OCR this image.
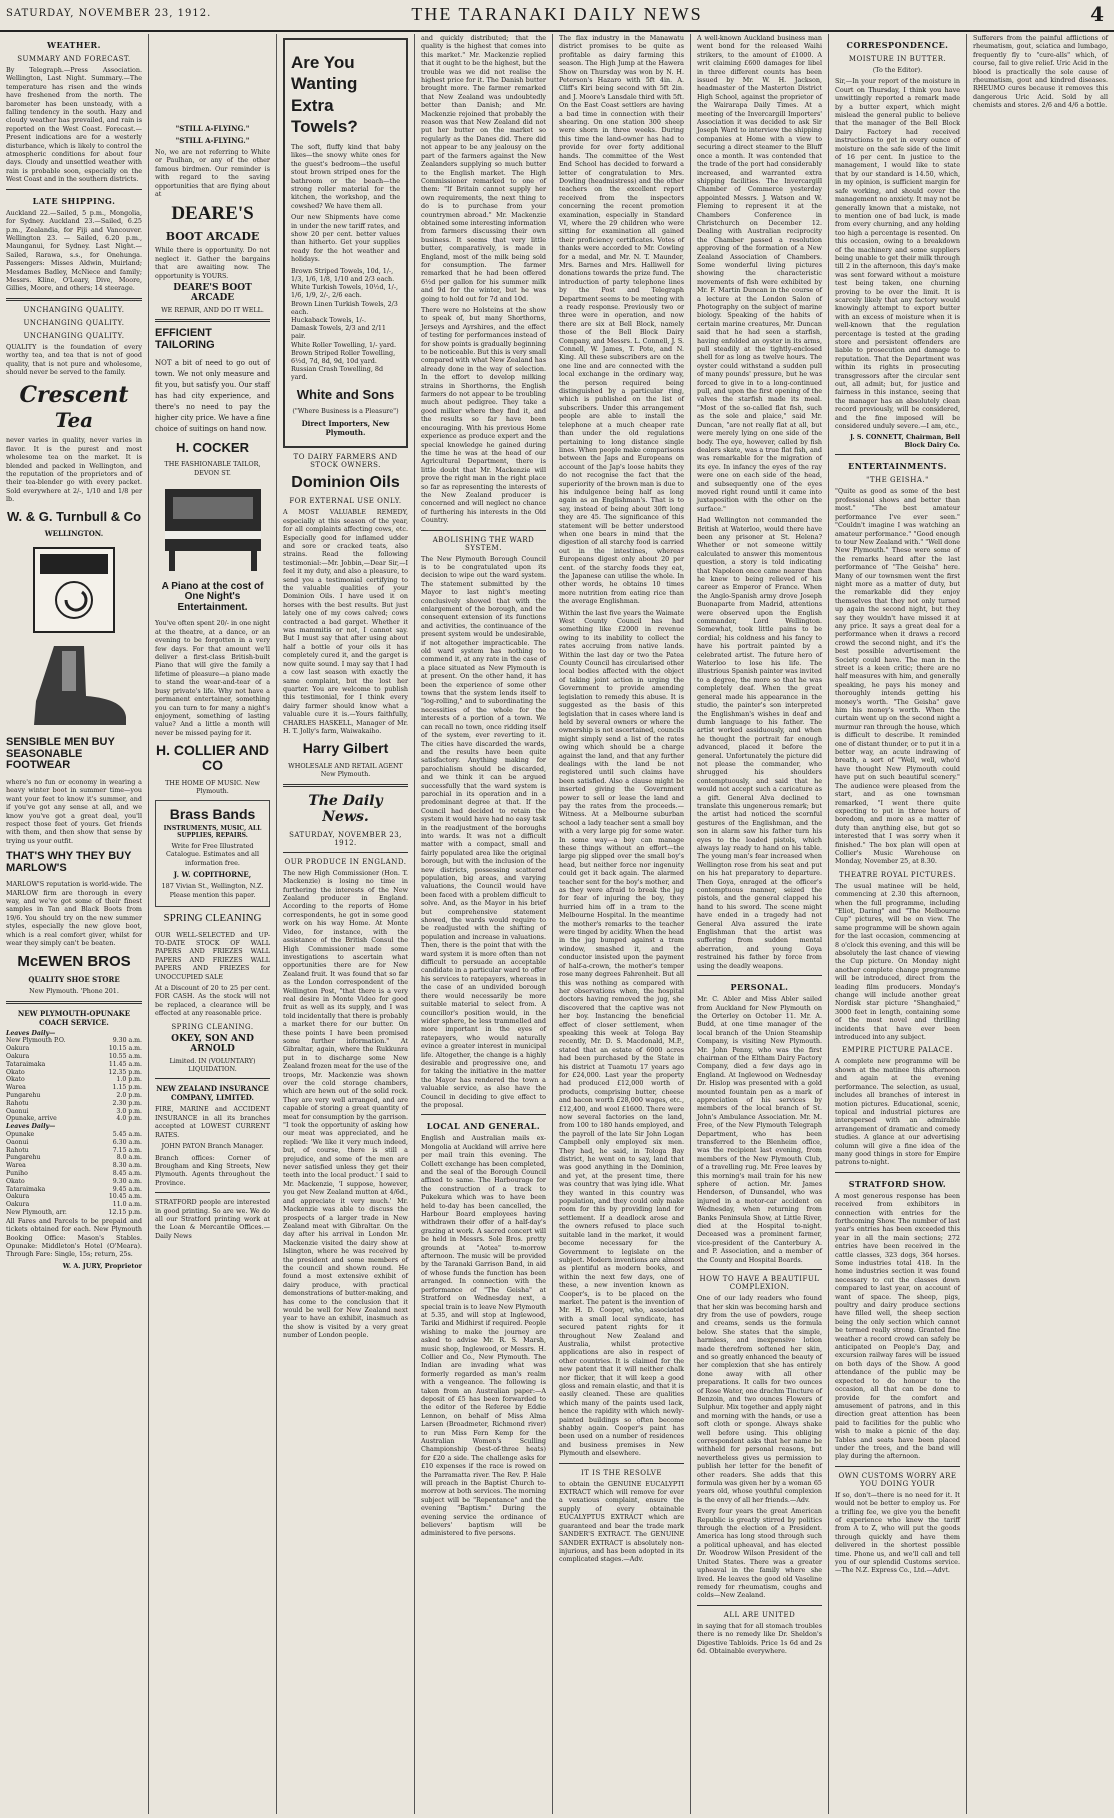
SATURDAY, NOVEMBER 23, 1912.	THE TARANAKI DAILY NEWS	4
WEATHER.
SUMMARY AND FORECAST.

By Telegraph.—Press Association. Wellington, Last Night. Summary.—The temperature has risen and the winds have freshened from the north. The barometer has been unsteady, with a falling tendency in the south. Hazy and cloudy weather has prevailed, and rain is reported on the West Coast. Forecast.—Present indications are for a westerly disturbance, which is likely to control the atmospheric conditions for about four days. Cloudy and unsettled weather with rain is probable soon, especially on the West Coast and in the southern districts.

LATE SHIPPING.

Auckland 22.—Sailed, 5 p.m., Mongolia, for Sydney. Auckland 23.—Sailed, 6.25 p.m., Zealandia, for Fiji and Vancouver. Wellington 23. — Sailed, 6.20 p.m., Maunganui, for Sydney. Last Night.—Sailed, Rarawa, s.s., for Onehunga. Passengers: Misses Aldwin, Muirland; Mesdames Badley, McNiece and family; Messrs. Kline, O'Leary, Dive, Moore, Gillies, Moore, and others; 14 steerage.

UNCHANGING QUALITY.
UNCHANGING QUALITY.
UNCHANGING QUALITY.

QUALITY is the foundation of every worthy tea, and tea that is not of good quality, that is not pure and wholesome, should never be served to the family.

Crescent
Tea

never varies in quality, never varies in flavor. It is the purest and most wholesome tea on the market. It is blended and packed in Wellington, and the reputation of the proprietors and of their tea-blender go with every packet. Sold everywhere at 2/-, 1/10 and 1/8 per lb.

W. & G. Turnbull & Co
WELLINGTON.
SENSIBLE MEN BUY SEASONABLE FOOTWEAR

where's no fun or economy in wearing a heavy winter boot in summer time—you want your feet to know it's summer, and if you've got any sense at all, and we know you've got a great deal, you'll respect those feet of yours. Get friends with them, and then show that sense by trying us your outfit.

THAT'S WHY THEY BUY MARLOW'S

MARLOW'S reputation is world-wide. The MARLOW firm are thorough in every way, and we've got some of their finest samples in Tan and Black Boots from 19/6. You should try on the new summer styles, especially the new glove boot, which is a real comfort giver, whilst for wear they simply can't be beaten.

McEWEN BROS
QUALITY SHOE STORE
New Plymouth. 'Phone 201.
NEW PLYMOUTH-OPUNAKE COACH SERVICE.
Leaves Daily—	
New Plymouth P.O.	9.30 a.m.
Oakura	10.15 a.m.
Oakura	10.55 a.m.
Tataraimaka	11.45 a.m.
Okato	12.35 p.m.
Okato	1.0 p.m.
Warea	1.15 p.m.
Pungarehu	2.0 p.m.
Rahotu	2.30 p.m.
Oaonui	3.0 p.m.
Opunake, arrive	4.0 p.m.
Leaves Daily—	
Opunake	5.45 a.m.
Oaonui	6.30 a.m.
Rahotu	7.15 a.m.
Pungarehu	8.0 a.m.
Warea	8.30 a.m.
Puniho	8.45 a.m.
Okato	9.30 a.m.
Tataraimaka	9.45 a.m.
Oakura	10.45 a.m.
Oakura	11.0 a.m.
New Plymouth, arr.	12.15 p.m.

All Fares and Parcels to be prepaid and tickets obtained for each. New Plymouth Booking Office: Mason's Stables. Opunake: Middleton's Hotel (O'Meara). Through Fare: Single, 15s; return, 25s.

W. A. JURY, Proprietor
"STILL A-FLYING."
"STILL A-FLYING."

No, we are not referring to White or Paulhan, or any of the other famous birdmen. Our reminder is with regard to the saving opportunities that are flying about at

DEARE'S
BOOT ARCADE

While there is opportunity. Do not neglect it. Gather the bargains that are awaiting now. The opportunity is YOURS.

DEARE'S BOOT ARCADE
WE REPAIR, AND DO IT WELL.
EFFICIENT TAILORING

NOT a bit of need to go out of town. We not only measure and fit you, but satisfy you. Our staff has had city experience, and there's no need to pay the higher city price. We have a fine choice of suitings on hand now.

H. COCKER
THE FASHIONABLE TAILOR, DEVON ST.
A Piano at the cost of One Night's Entertainment.

You've often spent 20/- in one night at the theatre, at a dance, or an evening to be forgotten in a very few days. For that amount we'll deliver a first-class British-built Piano that will give the family a lifetime of pleasure—a piano made to stand the wear-and-tear of a busy private's life. Why not have a permanent entertainer, something you can turn to for many a night's enjoyment, something of lasting value? And a little a month will never be missed paying for it.

H. COLLIER AND CO
THE HOME OF MUSIC. New Plymouth.
Brass Bands
INSTRUMENTS, MUSIC, ALL SUPPLIES, REPAIRS.
Write for Free Illustrated Catalogue. Estimates and all information free.
J. W. COPITHORNE,
187 Vivian St., Wellington, N.Z. Please mention this paper.
SPRING CLEANING

OUR WELL-SELECTED and UP-TO-DATE STOCK OF WALL PAPERS AND FRIEZES WALL PAPERS AND FRIEZES WALL PAPERS AND FRIEZES for UNOCCUPIED SALE

At a Discount of 20 to 25 per cent. FOR CASH. As the stock will not be replaced, a clearance will be effected at any reasonable price.

SPRING CLEANING.
OKEY, SON AND ARNOLD
Limited. IN (VOLUNTARY) LIQUIDATION.
NEW ZEALAND INSURANCE COMPANY, LIMITED.

FIRE, MARINE and ACCIDENT INSURANCE in all its branches accepted at LOWEST CURRENT RATES.

JOHN PATON Branch Manager.

Branch offices: Corner of Brougham and King Streets, New Plymouth. Agents throughout the Province.

STRATFORD people are interested in good printing. So are we. We do all our Stratford printing work at the Loan & Mercantile Offices.—Daily News

Are You Wanting Extra Towels?

The soft, fluffy kind that baby likes—the snowy white ones for the guest's bedroom—the useful stout brown striped ones for the bathroom or the beach—the strong roller material for the kitchen, the workshop, and the cowshed? We have them all.

Our new Shipments have come in under the new tariff rates, and show 20 per cent. better values than hitherto. Get your supplies ready for the hot weather and holidays.

Brown Striped Towels, 10d, 1/-, 1/3, 1/6, 1/8, 1/10 and 2/3 each.
White Turkish Towels, 10½d, 1/-, 1/6, 1/9, 2/-, 2/6 each.
Brown Linen Turkish Towels, 2/3 each.
Huckaback Towels, 1/-.
Damask Towels, 2/3 and 2/11 pair.
White Roller Towelling, 1/- yard.
Brown Striped Roller Towelling, 6½d, 7d, 8d, 9d, 10d yard.
Russian Crash Towelling, 8d yard.
White and Sons
("Where Business is a Pleasure")
Direct Importers, New Plymouth.
TO DAIRY FARMERS AND STOCK OWNERS.
Dominion Oils
FOR EXTERNAL USE ONLY.

A MOST VALUABLE REMEDY, especially at this season of the year, for all complaints affecting cows, etc. Especially good for inflamed udder and sore or cracked teats, also strains. Read the following testimonial:—Mr. Jobbin,—Dear Sir,—I feel it my duty, and also a pleasure, to send you a testimonial certifying to the valuable qualities of your Dominion Oils. I have used it on horses with the best results. But just lately one of my cows calved; cows contracted a bad garget. Whether it was mammitis or not, I cannot say. But I must say that after using about half a bottle of your oils it has completely cured it, and the garget is now quite sound. I may say that I had a cow last season with exactly the same complaint, but the lost her quarter. You are welcome to publish this testimonial, for I think every dairy farmer should know what a valuable cure it is.—Yours faithfully, CHARLES HASKELL, Manager of Mr. H. T. Jolly's farm, Waiwakaiho.

Harry Gilbert
WHOLESALE AND RETAIL AGENT New Plymouth.
The Daily News.
SATURDAY, NOVEMBER 23, 1912.
OUR PRODUCE IN ENGLAND.

The new High Commissioner (Hon. T. Mackenzie) is losing no time in furthering the interests of the New Zealand producer in England. According to the reports of Home correspondents, he got in some good work on his way Home. At Monte Video, for instance, with the assistance of the British Consul the High Commissioner made some investigations to ascertain what opportunities there are for New Zealand fruit. It was found that so far as the London correspondent of the Wellington Post, "that there is a very real desire in Monte Video for good fruit as well as its supply, and I was told incidentally that there is probably a market there for our butter. On these points I have been promised some further information." At Gibraltar, again, where the Rukkunra put in to discharge some New Zealand frozen meat for the use of the troops, Mr. Mackenzie was shown over the cold storage chambers, which are hewn out of the solid rock. They are very well arranged, and are capable of storing a great quantity of meat for consumption by the garrison. "I took the opportunity of asking how our meat was appreciated, and he replied: 'We like it very much indeed, but, of course, there is still a prejudice, and some of the men are never satisfied unless they get their teeth into the local product.' I said to Mr. Mackenzie, 'I suppose, however, you get New Zealand mutton at 4/6d., and appreciate it very much.' Mr. Mackenzie was able to discuss the prospects of a larger trade in New Zealand meat with Gibraltar. On the day after his arrival in London Mr. Mackenzie visited the dairy show at Islington, where he was received by the president and some members of the council and shown round. He found a most extensive exhibit of dairy produce, with practical demonstrations of butter-making, and has come to the conclusion that it would be well for New Zealand next year to have an exhibit, inasmuch as the show is visited by a very great number of London people.

and quickly distributed; that the quality is the highest that comes into this market." Mr. Mackenzie replied that it ought to be the highest, but the trouble was we did not realise the highest price for it. The Danish butter brought more. The farmer remarked that New Zealand was undoubtedly better than Danish; and Mr. Mackenzie rejoined that probably the reason was that New Zealand did not put her butter on the market so regularly as the Danes did. There did not appear to be any jealousy on the part of the farmers against the New Zealanders supplying so much butter to the English market. The High Commissioner remarked to one of them: "If Britain cannot supply her own requirements, the next thing to do is to purchase from your countrymen abroad." Mr. Mackenzie obtained some interesting information from farmers discussing their own business. It seems that very little butter, comparatively, is made in England, most of the milk being sold for consumption. The farmer remarked that he had been offered 6½d per gallon for his summer milk and 9d for the winter, but he was going to hold out for 7d and 10d.

There were no Holsteins at the show to speak of, but many Shorthorns, Jerseys and Ayrshires, and the effect of testing for performances instead of for show points is gradually beginning to be noticeable. But this is very small compared with what New Zealand has already done in the way of selection. In the effort to develop milking strains in Shorthorns, the English farmers do not appear to be troubling much about pedigree. They take a good milker where they find it, and the results so far have been encouraging. With his previous Home experience as produce expert and the special knowledge he gained during the time he was at the head of our Agricultural Department, there is little doubt that Mr. Mackenzie will prove the right man in the right place so far as representing the interests of the New Zealand producer is concerned and will neglect no chance of furthering his interests in the Old Country.

ABOLISHING THE WARD SYSTEM.

The New Plymouth Borough Council is to be congratulated upon its decision to wipe out the ward system. The statement submitted by the Mayor to last night's meeting conclusively showed that with the enlargement of the borough, and the consequent extension of its functions and activities, the continuance of the present system would be undesirable, if not altogether impracticable. The old ward system has nothing to commend it, at any rate in the case of a place situated as New Plymouth is at present. On the other hand, it has been the experience of some other towns that the system lends itself to "log-rolling," and to subordinating the necessities of the whole for the interests of a portion of a town. We can recall no town, once ridding itself of the system, ever reverting to it. The cities have discarded the wards, and the results have been quite satisfactory. Anything making for parochialism should be discarded, and we think it can be argued successfully that the ward system is parochial in its operation and in a predominant degree at that. If the Council had decided to retain the system it would have had no easy task in the readjustment of the boroughs into wards. It was not a difficult matter with a compact, small and fairly populated area like the original borough, but with the inclusion of the new districts, possessing scattered population, big areas, and varying valuations, the Council would have been faced with a problem difficult to solve. And, as the Mayor in his brief but comprehensive statement showed, the wards would require to be readjusted with the shifting of population and increase in valuations. Then, there is the point that with the ward system it is more often than not difficult to persuade an acceptable candidate in a particular ward to offer his services to ratepayers, whereas in the case of an undivided borough there would necessarily be more suitable material to select from. A councillor's position would, in the wider sphere, be less trammelled and more important in the eyes of ratepayers, who would naturally evince a greater interest in municipal life. Altogether, the change is a highly desirable and progressive one, and for taking the initiative in the matter the Mayor has rendered the town a valuable service, as also have the Council in deciding to give effect to the proposal.

LOCAL AND GENERAL.

English and Australian mails ex-Mongolia at Auckland will arrive here per mail train this evening. The Collett exchange has been completed, and the seal of the Borough Council affixed to same. The Harbourage for the construction of a track to Pukekura which was to have been held to-day has been cancelled, the Harbour Board employees having withdrawn their offer of a half-day's grazing at work. A sacred concert will be held in Messrs. Sole Bros. pretty grounds at "Aotea" to-morrow afternoon. The music will be provided by the Taranaki Garrison Band, in aid of whose funds the function has been arranged. In connection with the performance of "The Geisha" at Stratford on Wednesday next, a special train is to leave New Plymouth at 5.35, and will stop at Inglewood, Tariki and Midhirst if required. People wishing to make the journey are asked to advise Mr. R. S. Marsh, music shop, Inglewood, or Messrs. H. Collier and Co., New Plymouth. The Indian are invading what was formerly regarded as man's realm with a vengeance. The following is taken from an Australian paper:—A deposit of £5 has been forwarded to the editor of the Referee by Eddie Lennon, on behalf of Miss Alma Larsen (Broadmeter, Richmond river) to run Miss Fern Kemp for the Australian Women's Sculling Championship (best-of-three heats) for £20 a side. The challenge asks for £10 expenses if the race is rowed on the Parramatta river. The Rev. P. Hale will preach in the Baptist Church to-morrow at both services. The morning subject will be "Repentance" and the evening "Baptism." During the evening service the ordinance of believers' baptism will be administered to five persons.

The flax industry in the Manawatu district promises to be quite as profitable as dairy farming this season. The High Jump at the Hawera Show on Thursday was won by N. H. Peterson's Hazaro with 5ft 4in. A. Cliff's Kiri being second with 5ft 2in. and J. Moore's Lansdale third with 5ft. On the East Coast settlers are having a bad time in connection with their shearing. On one station 300 sheep were shorn in three weeks. During this time the land-owner has had to provide for over forty additional hands. The committee of the West End School has decided to forward a letter of congratulation to Mrs. Dowling (headmistress) and the other teachers on the excellent report received from the inspectors concerning the recent promotion examination, especially in Standard VI, where the 29 children who were sitting for examination all gained their proficiency certificates. Votes of thanks were accorded to Mr. Cowling for a medal, and Mr. N. T. Maunder, Mrs. Barnes and Mrs. Halliwell for donations towards the prize fund. The introduction of party telephone lines by the Post and Telegraph Department seems to be meeting with a ready response. Previously two or three were in operation, and now there are six at Bell Block, namely those of the Bell Block Dairy Company, and Messrs. L. Connell, J. S. Connell, W. James, T. Pote, and N. King. All these subscribers are on the one line and are connected with the local exchange in the ordinary way, the person required being distinguished by a particular ring, which is published on the list of subscribers. Under this arrangement people are able to install the telephone at a much cheaper rate than under the old regulations pertaining to long distance single lines. When people make comparisons between the Japs and Europeans on account of the Jap's loose habits they do not recognise the fact that the superiority of the brown man is due to his indulgence being half as long again as an Englishman's. That is to say, instead of being about 30ft long they are 45. The significance of this statement will be better understood when one bears in mind that the digestion of all starchy food is carried out in the intestines, whereas Europeans digest only about 20 per cent. of the starchy foods they eat, the Japanese can utilise the whole. In other words, he obtains 10 times more nutrition from eating rice than the average Englishman.

Within the last five years the Waimate West County Council has had something like £2000 in revenue owing to its inability to collect the rates accruing from native lands. Within the last day or two the Patea County Council has circularised other local bodies affected with the object of taking joint action in urging the Government to provide amending legislation to remedy this abuse. It is suggested as the basis of this legislation that in cases where land is held by several owners or where the ownership is not ascertained, councils might simply send a list of the rates owing which should be a charge against the land, and that any further dealings with the land be not registered until such claims have been satisfied. Also a clause might be inserted giving the Government power to sell or lease the land and pay the rates from the proceeds.—Witness. At a Melbourne suburban school a lady teacher sent a small boy with a very large pig for some water. In some way—a boy can manage these things without an effort—the large pig slipped over the small boy's head, but neither force nor ingenuity could get it back again. The alarmed teacher sent for the boy's mother, and as they were afraid to break the jug for fear of injuring the boy, they hurried him off in a tram to the Melbourne Hospital. In the meantime the mother's remarks to the teacher were tinged by acidity. When the head in the jug bumped against a tram window, smashed it, and the conductor insisted upon the payment of half-a-crown, the mother's temper rose many degrees Fahrenheit. But all this was nothing as compared with her observations when, the hospital doctors having removed the jug, she discovered that the captive was not her boy. Instancing the beneficial effect of closer settlement, when speaking this week at Tologa Bay recently, Mr. D. S. Macdonald, M.P., stated that an estate of 6000 acres had been purchased by the State in his district at Tuamotu 17 years ago for £24,000. Last year the property had produced £12,000 worth of products, comprising butter, cheese and bacon worth £28,000 wages, etc., £12,400, and wool £1600. There were now several factories on the land, from 100 to 180 hands employed, and the payroll of the late Sir John Logan Campbell only employed six men. They had, he said, in Tologa Bay district, he went on to say, land that was good anything in the Dominion, and yet, at the present time, there was country that was lying idle. What they wanted in this country was population, and they could only make room for this by providing land for settlement. If a deadlock arose and the owners refused to place such suitable land in the market, it would become necessary for the Government to legislate on the subject. Modern inventions are almost as plentiful as modern books, and within the next few days, one of these, a new invention known as Cooper's, is to be placed on the market. The patent is the invention of Mr. H. D. Cooper, who, associated with a small local syndicate, has secured patent rights for it throughout New Zealand and Australia, whilst protective applications are also in respect of other countries. It is claimed for the new patent that it will neither chalk nor flicker, that it will keep a good gloss and remain elastic, and that it is easily cleaned. These are qualities which many of the paints used lack, hence the rapidity with which newly-painted buildings so often become shabby again. Cooper's paint has been used on a number of residences and business premises in New Plymouth and elsewhere.

IT IS THE RESOLVE

to obtain the GENUINE EUCALYPTI EXTRACT which will remove for ever a vexatious complaint, ensure the supply of every obtainable EUCALYPTUS EXTRACT which are guaranteed and bear the trade mark SANDER'S EXTRACT. The GENUINE SANDER EXTRACT is absolutely non-injurious, and has been adopted in its complicated stages.—Adv.

A well-known Auckland business man went bond for the released Waihi strikers, to the amount of £1000. A writ claiming £600 damages for libel in three different counts has been issued by Mr. W. H. Jackson, headmaster of the Masterton District High School, against the proprietor of the Wairarapa Daily Times. At a meeting of the Invercargill Importers' Association it was decided to ask Sir Joseph Ward to interview the shipping companies at Home with a view to securing a direct steamer to the Bluff once a month. It was contended that the trade of the port had considerably increased, and warranted extra shipping facilities. The Invercargill Chamber of Commerce yesterday appointed Messrs. J. Watson and W. Fleming to represent it at the Chambers Conference in Christchurch on December 12. Dealing with Australian reciprocity the Chamber passed a resolution approving of the formation of a New Zealand Association of Chambers. Some wonderful living pictures showing the characteristic movements of fish were exhibited by Mr. F. Martin Duncan in the course of a lecture at the London Salon of Photography on the subject of marine biology. Speaking of the habits of certain marine creatures, Mr. Duncan said that he had seen a starfish, having enfolded an oyster in its arms, pull steadily at the tightly-enclosed shell for as long as twelve hours. The oyster could withstand a sudden pull of many pounds' pressure, but he was forced to give in to a long-continued pull, and upon the first opening of the valves the starfish made its meal. "Most of the so-called flat fish, such as the sole and plaice," said Mr. Duncan, "are not really flat at all, but were merely lying on one side of the body. The eye, however, called by fish dealers skate, was a true flat fish, and was remarkable for the migration of its eye. In infancy the eyes of the ray were one on each side of the head, and subsequently one of the eyes moved right round until it came into juxtaposition with the other on the surface."

Had Wellington not commanded the British at Waterloo, would there have been any prisoner at St. Helena? Whether or not someone wittily calculated to answer this momentous question, a story is told indicating that Napoleon once came nearer than he knew to being relieved of his career as Emperor of France. When the Anglo-Spanish army drove Joseph Buonaparte from Madrid, attentions were observed upon the English commander, Lord Wellington. Somewhat, took little pains to be cordial; his coldness and his fancy to have his portrait painted by a celebrated artist. The future hero of Waterloo to lose his life. The illustrious Spanish painter was invited to a degree, the more so that he was completely deaf. When the great general made his appearance in the studio, the painter's son interpreted the Englishman's wishes in deaf and dumb language to his father. The artist worked assiduously, and when he thought the portrait far enough advanced, placed it before the general. Unfortunately the picture did not please the commander, who shrugged his shoulders contemptuously, and said that he would not accept such a caricature as a gift. General Alva declined to translate this ungenerous remark; but the artist had noticed the scornful gestures of the Englishman, and the son in alarm saw his father turn his eyes to the loaded pistols, which always lay ready to hand on his table. The young man's fear increased when Wellington rose from his seat and put on his hat preparatory to departure. Then Goya, enraged at the officer's contemptuous manner, seized the pistols, and the general clapped his hand to his sword. The scene might have ended in a tragedy had not General Alva assured the irate Englishman that the artist was suffering from sudden mental aberration, and young Goya restrained his father by force from using the deadly weapons.

PERSONAL.

Mr. C. Abler and Miss Abler sailed from Auckland for New Plymouth on the Orterley on October 11. Mr. A. Budd, at one time manager of the local branch of the Union Steamship Company, is visiting New Plymouth. Mr. John Penny, who was the first chairman of the Eltham Dairy Factory Company, died a few days ago in England. At Inglewood on Wednesday Dr. Hislop was presented with a gold mounted fountain pen as a mark of appreciation of his services by members of the local branch of St. John's Ambulance Association. Mr. M. Free, of the New Plymouth Telegraph Department, who has been transferred to the Blenheim office, was the recipient last evening, from members of the New Plymouth Club, of a travelling rug. Mr. Free leaves by this morning's mail train for his new sphere of action. Mr. James Henderson, of Dunsandel, who was injured in a motor-car accident on Wednesday, when returning from Banks Peninsula Show, at Little River, died at the Hospital to-night. Deceased was a prominent farmer, vice-president of the Canterbury A. and P. Association, and a member of the County and Hospital Boards.

HOW TO HAVE A BEAUTIFUL COMPLEXION.

One of our lady readers who found that her skin was becoming harsh and dry from the use of powders, rouge and creams, sends us the formula below. She states that the simple, harmless, and inexpensive lotion made therefrom softened her skin, and so greatly enhanced the beauty of her complexion that she has entirely done away with all other preparations. It calls for two ounces of Rose Water, one drachm Tincture of Benzoin, and two ounces Flowers of Sulphur. Mix together and apply night and morning with the hands, or use a soft cloth or sponge. Always shake well before using. This obliging correspondent asks that her name be withheld for personal reasons, but nevertheless gives us permission to publish her letter for the benefit of other readers. She adds that this formula was given her by a woman 65 years old, whose youthful complexion is the envy of all her friends.—Adv.

Every four years the great American Republic is greatly stirred by politics through the election of a President. America has long stood through such a political upheaval, and has elected Dr. Woodrow Wilson President of the United States. There was a greater upheaval in the family where she lived. He leaves the good old Vaseline remedy for rheumatism, coughs and colds—New Zealand.

ALL ARE UNITED

in saying that for all stomach troubles there is no remedy like Dr. Sheldon's Digestive Tabloids. Price 1s 6d and 2s 6d. Obtainable everywhere.

CORRESPONDENCE.
MOISTURE IN BUTTER.
(To the Editor).

Sir,—In your report of the moisture in Court on Thursday, I think you have unwittingly reported a remark made by a butter expert, which might mislead the general public to believe that the manager of the Bell Block Dairy Factory had received instructions to get in every ounce of moisture on the safe side of the limit of 16 per cent. In justice to the management, I would like to state that by our standard is 14.50, which, in my opinion, is sufficient margin for safe working, and should cover the management no anxiety. It may not be generally known that a mistake, not to mention one of bad luck, is made from every churning, and any holding too high a percentage is resented. On this occasion, owing to a breakdown of the machinery and some suppliers being unable to get their milk through till 2 in the afternoon, this day's make was sent forward without a moisture test being taken, one churning proving to be over the limit. It is scarcely likely that any factory would knowingly attempt to export butter with an excess of moisture when it is well-known that the regulation percentage is tested at the grading store and persistent offenders are liable to prosecution and damage to reputation. That the Department was within its rights in prosecuting transgressors after the circular sent out, all admit; but, for justice and fairness in this instance, seeing that the manager has an absolutely clean record previously, will be considered, and the fine imposed will be considered unduly severe.—I am, etc.,

J. S. CONNETT, Chairman, Bell Block Dairy Co.
ENTERTAINMENTS.
"THE GEISHA."

"Quite as good as some of the best professional shows and better than most." "The best amateur performance I've ever seen." "Couldn't imagine I was watching an amateur performance." "Good enough to tour New Zealand with." "Well done New Plymouth." These were some of the remarks heard after the last performance of "The Geisha" here. Many of our townsmen went the first night more as a matter of duty, but the remarkable did they enjoy themselves that they not only turned up again the second night, but they say they wouldn't have missed it at any price. It says a great deal for a performance when it draws a record crowd the second night, and it's the best possible advertisement the Society could have. The man in the street is a keen critic; there are no half measures with him, and generally speaking, he pays his money and thoroughly intends getting his money's worth. "The Geisha" gave him his money's worth. When the curtain went up on the second night a murmur ran through the house, which is difficult to describe. It reminded one of distant thunder, or to put it in a better way, an acute indrawing of breath, a sort of "Well, well, who'd have thought New Plymouth could have put on such beautiful scenery." The audience were pleased from the start, and as one townsman remarked, "I went there quite expecting to put in three hours of boredom, and more as a matter of duty than anything else, but got so interested that I was sorry when it finished." The box plan will open at Collier's Music Warehouse on Monday, November 25, at 8.30.

THEATRE ROYAL PICTURES.

The usual matinee will be held, commencing at 2.30 this afternoon, when the full programme, including "Eliot, Daring" and "The Melbourne Cup" pictures, will be on view. The same programme will be shown again for the last occasion, commencing at 8 o'clock this evening, and this will be absolutely the last chance of viewing the Cup picture. On Monday night another complete change programme will be introduced, direct from the leading film producers. Monday's change will include another great Nordisk star picture "Shanghaied," 3000 feet in length, containing some of the most novel and thrilling incidents that have ever been introduced into any subject.

EMPIRE PICTURE PALACE.

A complete new programme will be shown at the matinee this afternoon and again at the evening performance. The selection, as usual, includes all branches of interest in motion pictures. Educational, scenic, topical and industrial pictures are interspersed with an admirable arrangement of dramatic and comedy studies. A glance at our advertising column will give a fine idea of the many good things in store for Empire patrons to-night.

STRATFORD SHOW.

A most generous response has been received from exhibitors in connection with entries for the forthcoming Show. The number of last year's entries has been exceeded this year in all the main sections; 272 entries have been received in the cattle classes, 323 dogs, 364 horses. Some industries total 418. In the home industries section it was found necessary to cut the classes down compared to last year, on account of want of space. The sheep, pigs, poultry and dairy produce sections have filled well, the sheep section being the only section which cannot be termed really strong. Granted fine weather a record crowd can safely be anticipated on People's Day, and excursion railway fares will be issued on both days of the Show. A good attendance of the public may be expected to do honour to the occasion, all that can be done to provide for the comfort and amusement of patrons, and in this direction great attention has been paid to facilities for the public who wish to make a picnic of the day. Tables and seats have been placed under the trees, and the band will play during the afternoon.

OWN CUSTOMS WORRY ARE YOU DOING YOUR

If so, don't—there is no need for it. It would not be better to employ us. For a trifling fee, we give you the benefit of experience who knew the tariff from A to Z, who will put the goods through quickly and have them delivered in the shortest possible time. Phone us, and we'll call and tell you of our splendid Customs service.—The N.Z. Express Co., Ltd.—Advt.

Sufferers from the painful afflictions of rheumatism, gout, sciatica and lumbago, frequently fly to "cure-alls" which, of course, fail to give relief. Uric Acid in the blood is practically the sole cause of rheumatism, gout and kindred diseases. RHEUMO cures because it removes this dangerous Uric Acid. Sold by all chemists and stores. 2/6 and 4/6 a bottle.
